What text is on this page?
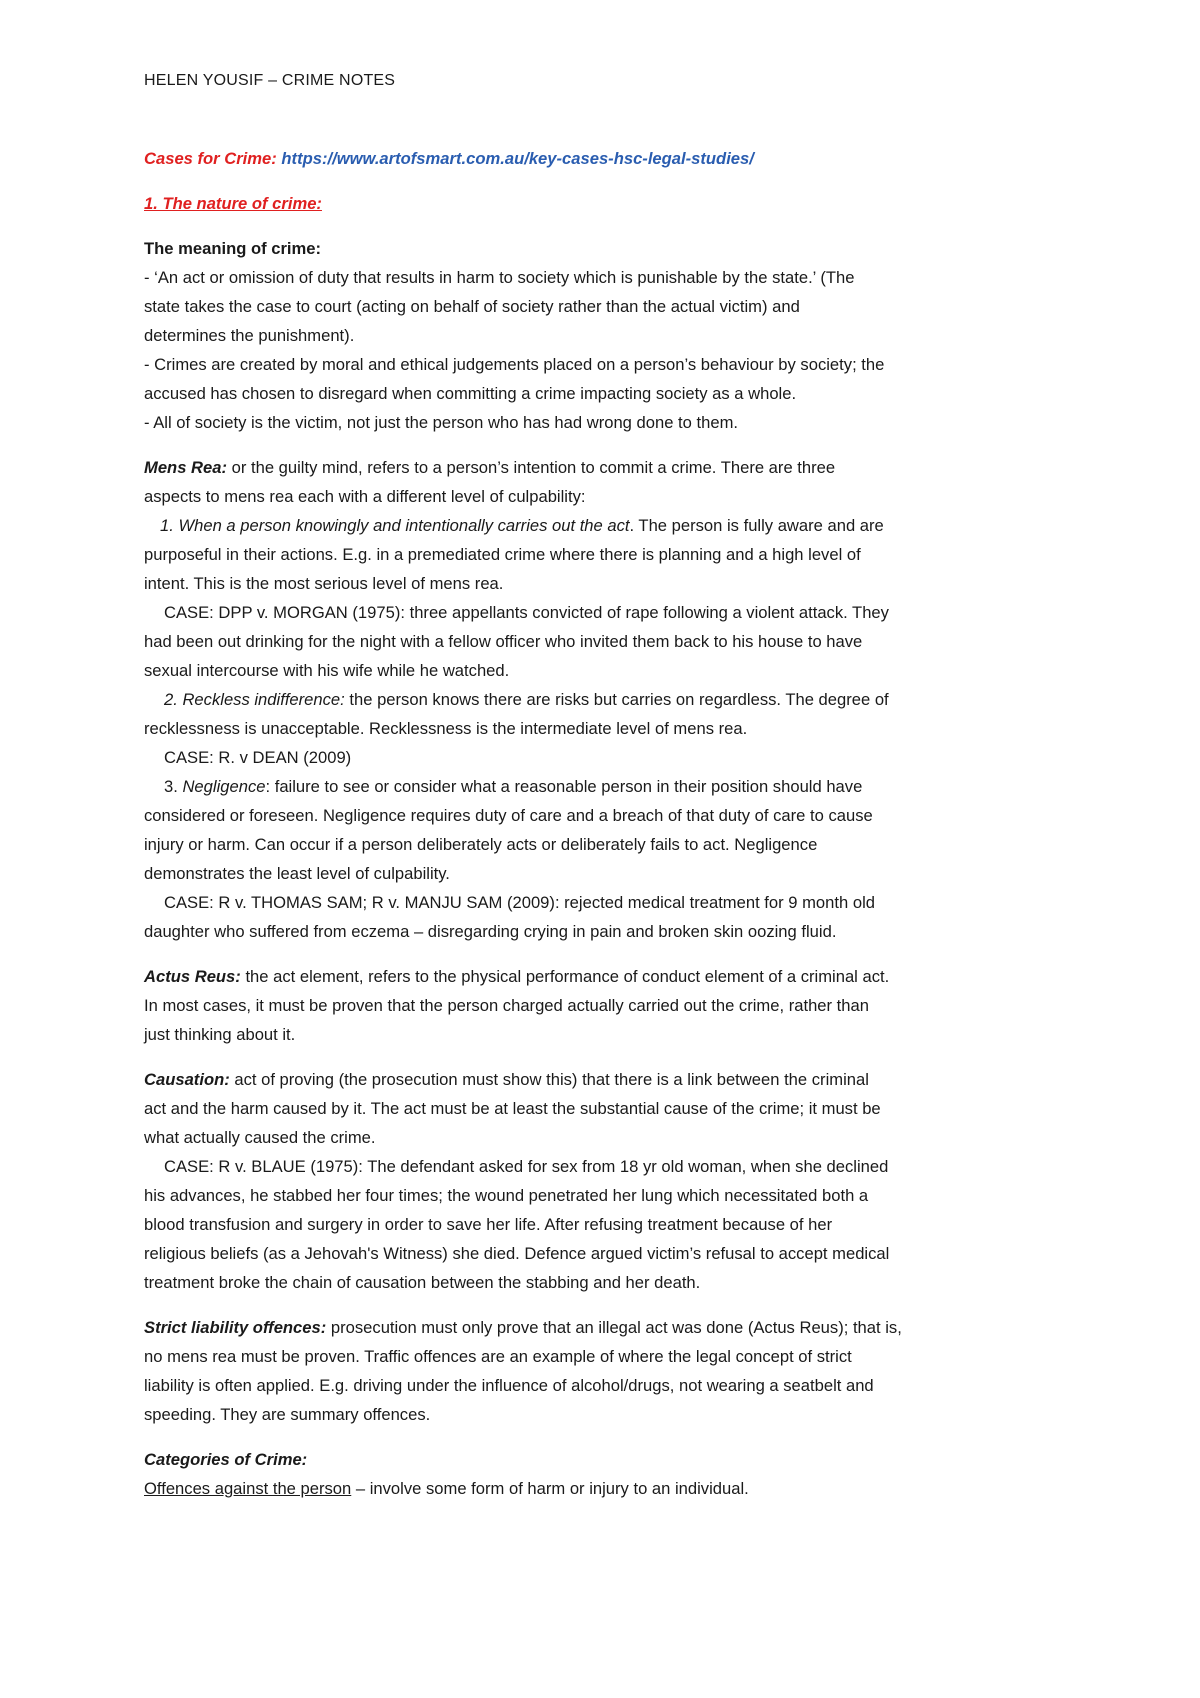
HELEN YOUSIF – CRIME NOTES
Cases for Crime: https://www.artofsmart.com.au/key-cases-hsc-legal-studies/
1. The nature of crime:
The meaning of crime:
- ‘An act or omission of duty that results in harm to society which is punishable by the state.’ (The
state takes the case to court (acting on behalf of society rather than the actual victim) and
determines the punishment).
- Crimes are created by moral and ethical judgements placed on a person’s behaviour by society; the
accused has chosen to disregard when committing a crime impacting society as a whole.
- All of society is the victim, not just the person who has had wrong done to them.
Mens Rea: or the guilty mind, refers to a person’s intention to commit a crime. There are three
aspects to mens rea each with a different level of culpability:
1. When a person knowingly and intentionally carries out the act. The person is fully aware and are
purposeful in their actions. E.g. in a premediated crime where there is planning and a high level of
intent. This is the most serious level of mens rea.
CASE: DPP v. MORGAN (1975): three appellants convicted of rape following a violent attack. They
had been out drinking for the night with a fellow officer who invited them back to his house to have
sexual intercourse with his wife while he watched.
2. Reckless indifference: the person knows there are risks but carries on regardless. The degree of
recklessness is unacceptable. Recklessness is the intermediate level of mens rea.
CASE: R. v DEAN (2009)
3. Negligence: failure to see or consider what a reasonable person in their position should have
considered or foreseen. Negligence requires duty of care and a breach of that duty of care to cause
injury or harm. Can occur if a person deliberately acts or deliberately fails to act. Negligence
demonstrates the least level of culpability.
CASE: R v. THOMAS SAM; R v. MANJU SAM (2009): rejected medical treatment for 9 month old
daughter who suffered from eczema – disregarding crying in pain and broken skin oozing fluid.
Actus Reus: the act element, refers to the physical performance of conduct element of a criminal act.
In most cases, it must be proven that the person charged actually carried out the crime, rather than
just thinking about it.
Causation: act of proving (the prosecution must show this) that there is a link between the criminal
act and the harm caused by it. The act must be at least the substantial cause of the crime; it must be
what actually caused the crime.
CASE: R v. BLAUE (1975): The defendant asked for sex from 18 yr old woman, when she declined
his advances, he stabbed her four times; the wound penetrated her lung which necessitated both a
blood transfusion and surgery in order to save her life. After refusing treatment because of her
religious beliefs (as a Jehovah's Witness) she died. Defence argued victim’s refusal to accept medical
treatment broke the chain of causation between the stabbing and her death.
Strict liability offences: prosecution must only prove that an illegal act was done (Actus Reus); that is,
no mens rea must be proven. Traffic offences are an example of where the legal concept of strict
liability is often applied. E.g. driving under the influence of alcohol/drugs, not wearing a seatbelt and
speeding. They are summary offences.
Categories of Crime:
Offences against the person – involve some form of harm or injury to an individual.
